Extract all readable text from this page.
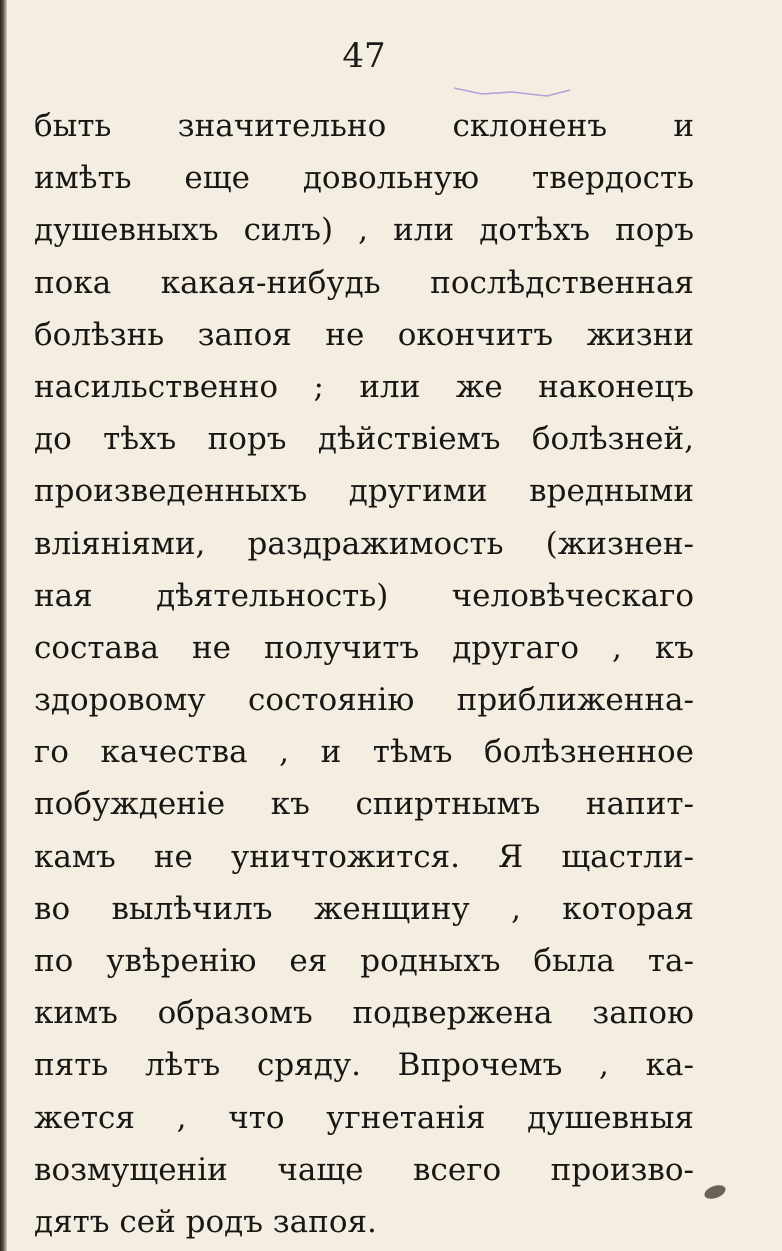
47
быть значительно склоненъ и
имѣть еще довольную твердость
душевныхъ силъ) , или дотѣхъ поръ
пока какая-нибудь послѣдственная
болѣзнь запоя не окончитъ жизни
насильственно ; или же наконецъ
до тѣхъ поръ дѣйствіемъ болѣзней,
произведенныхъ другими вредными
вліяніями, раздражимость (жизнен-
ная дѣятельность) человѣческаго
состава не получитъ другаго , къ
здоровому состоянію приближенна-
го качества , и тѣмъ болѣзненное
побужденіе къ спиртнымъ напит-
камъ не уничтожится. Я щастли-
во вылѣчилъ женщину , которая
по увѣренію ея родныхъ была та-
кимъ образомъ подвержена запою
пять лѣтъ сряду. Впрочемъ , ка-
жется , что угнетанія душевныя
возмущеніи чаще всего произво-
дятъ сей родъ запоя.
